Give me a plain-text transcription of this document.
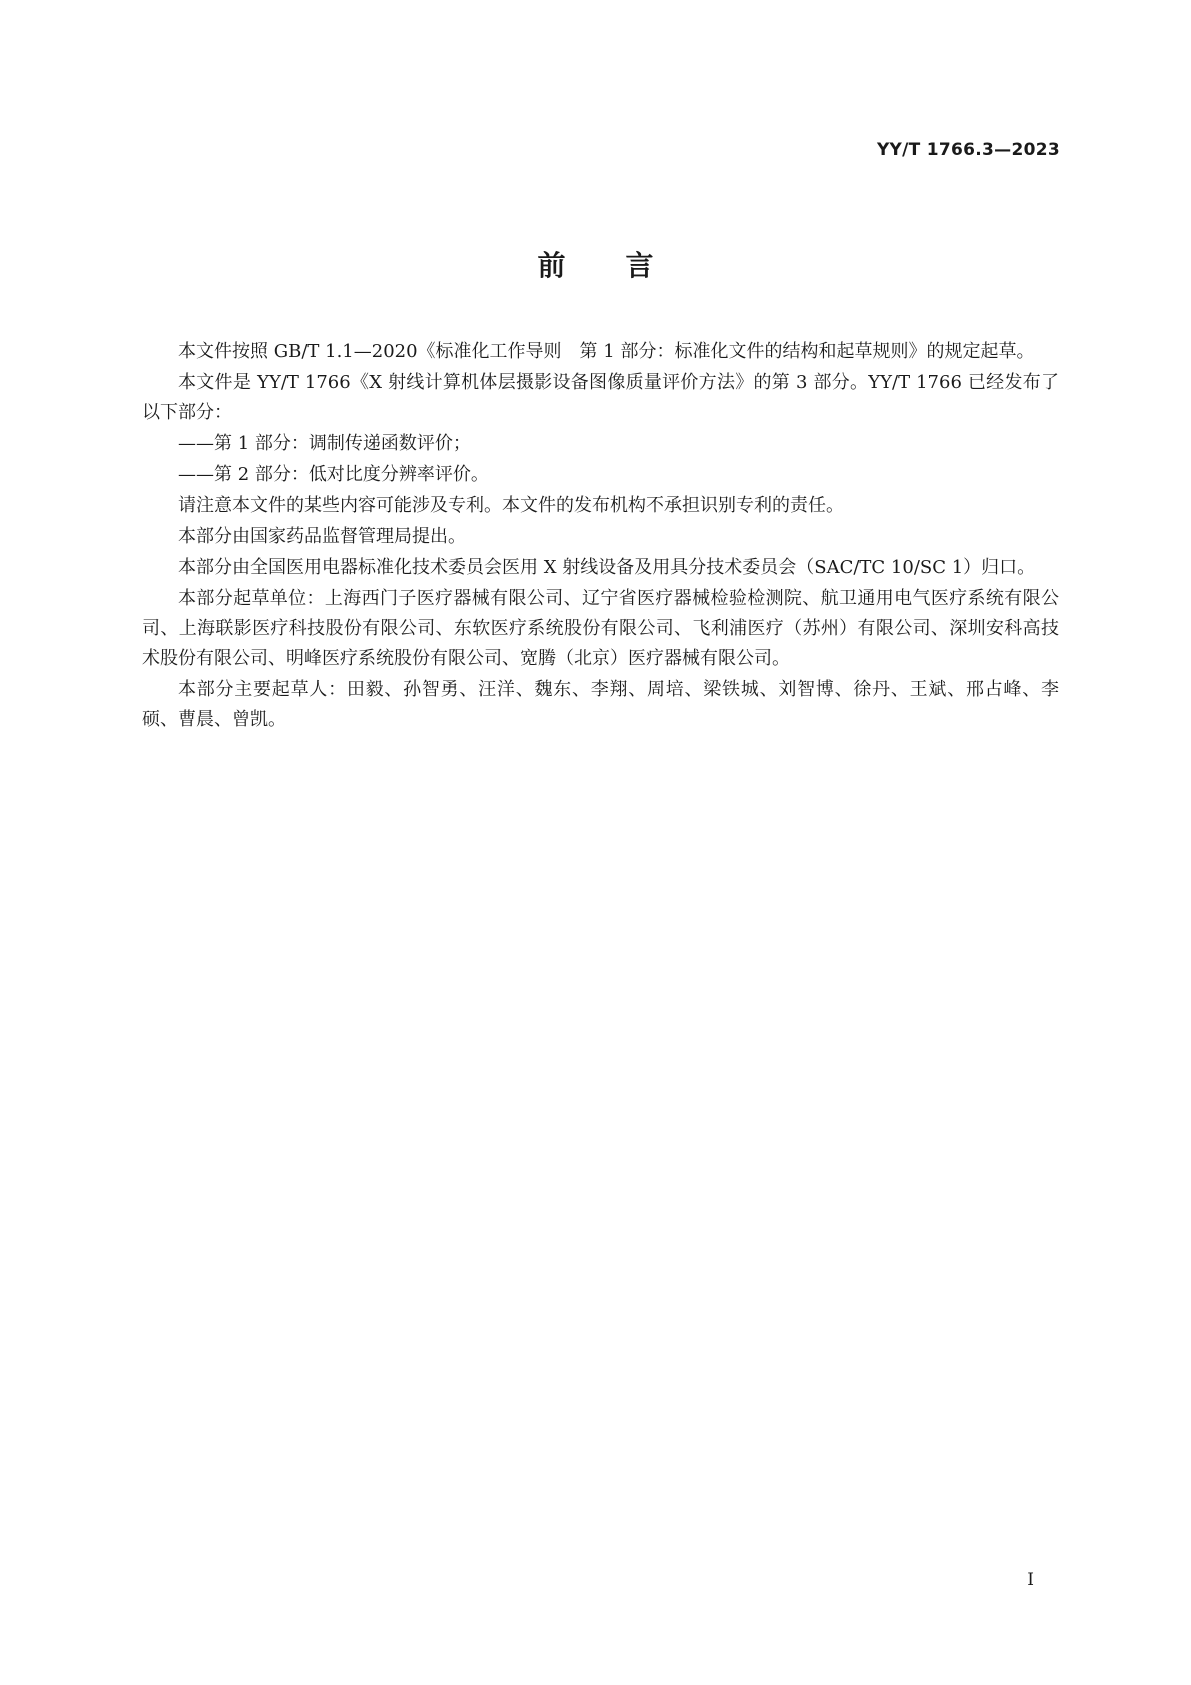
YY/T 1766.3—2023
前言

本文件按照 GB/T 1.1—2020《标准化工作导则　第 1 部分：标准化文件的结构和起草规则》的规定起草。

本文件是 YY/T 1766《X 射线计算机体层摄影设备图像质量评价方法》的第 3 部分。YY/T 1766 已经发布了以下部分：

——第 1 部分：调制传递函数评价；

——第 2 部分：低对比度分辨率评价。

请注意本文件的某些内容可能涉及专利。本文件的发布机构不承担识别专利的责任。

本部分由国家药品监督管理局提出。

本部分由全国医用电器标准化技术委员会医用 X 射线设备及用具分技术委员会（SAC/TC 10/SC 1）归口。

本部分起草单位：上海西门子医疗器械有限公司、辽宁省医疗器械检验检测院、航卫通用电气医疗系统有限公司、上海联影医疗科技股份有限公司、东软医疗系统股份有限公司、飞利浦医疗（苏州）有限公司、深圳安科高技术股份有限公司、明峰医疗系统股份有限公司、宽腾（北京）医疗器械有限公司。

本部分主要起草人：田毅、孙智勇、汪洋、魏东、李翔、周培、梁铁城、刘智博、徐丹、王斌、邢占峰、李硕、曹晨、曾凯。

I
